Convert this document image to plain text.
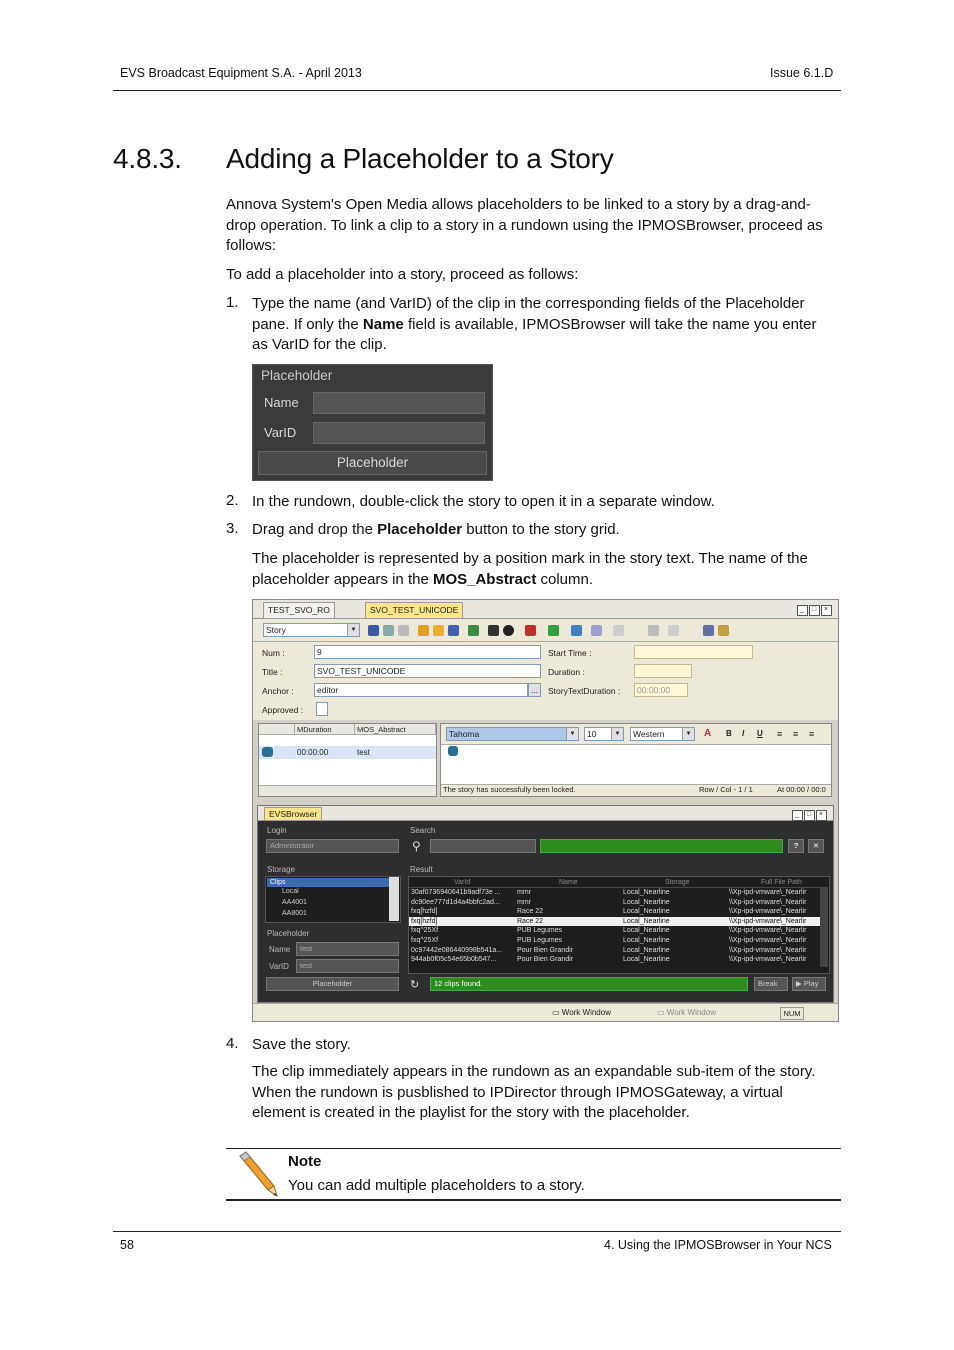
EVS Broadcast Equipment S.A. - April 2013	Issue 6.1.D
4.8.3. Adding a Placeholder to a Story
Annova System's Open Media allows placeholders to be linked to a story by a drag-and-
drop operation. To link a clip to a story in a rundown using the IPMOSBrowser, proceed as
follows:
To add a placeholder into a story, proceed as follows:
1. Type the name (and VarID) of the clip in the corresponding fields of the Placeholder
pane. If only the Name field is available, IPMOSBrowser will take the name you enter
as VarID for the clip.
Placeholder
Name
VarID
Placeholder
2. In the rundown, double-click the story to open it in a separate window.
3. Drag and drop the Placeholder button to the story grid.
The placeholder is represented by a position mark in the story text. The name of the
placeholder appears in the MOS_Abstract column.
TEST_SVO_RO	SVO_TEST_UNICODE	_ □ ×
Story	▼
Num :	9
Title :	SVO_TEST_UNICODE
Anchor :	editor	...
Approved :
Start Time :
Duration :
StoryTextDuration :	00:00:00
MDuration	MOS_Abstract
00:00:00	test
Tahoma	▼	10	▼	Western	▼ A B I U ≡ ≡ ≡
The story has successfully been locked.	Row / Col - 1 / 1	At 00:00 / 00:0
EVSBrowser	_ □ ×
Login
Administrator
Search
⚲	?	✕
Storage
Clips
Local
AA4001
AA8001
Placeholder
Name	test
VarID	test
Placeholder
Result
VarId	Name	Storage	Full File Path
30af0736940641b9adf73e ...	mmr	Local_Nearline	\\Xp-ipd-vmware\_Nearlir
dc90ee777d1d4a4bbfc2ad...	mmr	Local_Nearline	\\Xp-ipd-vmware\_Nearlir
fxq[hzfd]	Race 22	Local_Nearline	\\Xp-ipd-vmware\_Nearlir
fxq[hzfd]	Race 22	Local_Nearline	\\Xp-ipd-vmware\_Nearlir
fxq^25Xf	PUB Legumes	Local_Nearline	\\Xp-ipd-vmware\_Nearlir
fxq^25Xf	PUB Legumes	Local_Nearline	\\Xp-ipd-vmware\_Nearlir
0c97442e086440998b541a...	Pour Bien Grandir	Local_Nearline	\\Xp-ipd-vmware\_Nearlir
944ab0f05c54e65b0b547...	Pour Bien Grandir	Local_Nearline	\\Xp-ipd-vmware\_Nearlir
↻	12 clips found.	Break	▶ Play
▭ Work Window	▭ Work Window	NUM
4. Save the story.
The clip immediately appears in the rundown as an expandable sub-item of the story.
When the rundown is pusblished to IPDirector through IPMOSGateway, a virtual
element is created in the playlist for the story with the placeholder.
Note
You can add multiple placeholders to a story.
58	4. Using the IPMOSBrowser in Your NCS
